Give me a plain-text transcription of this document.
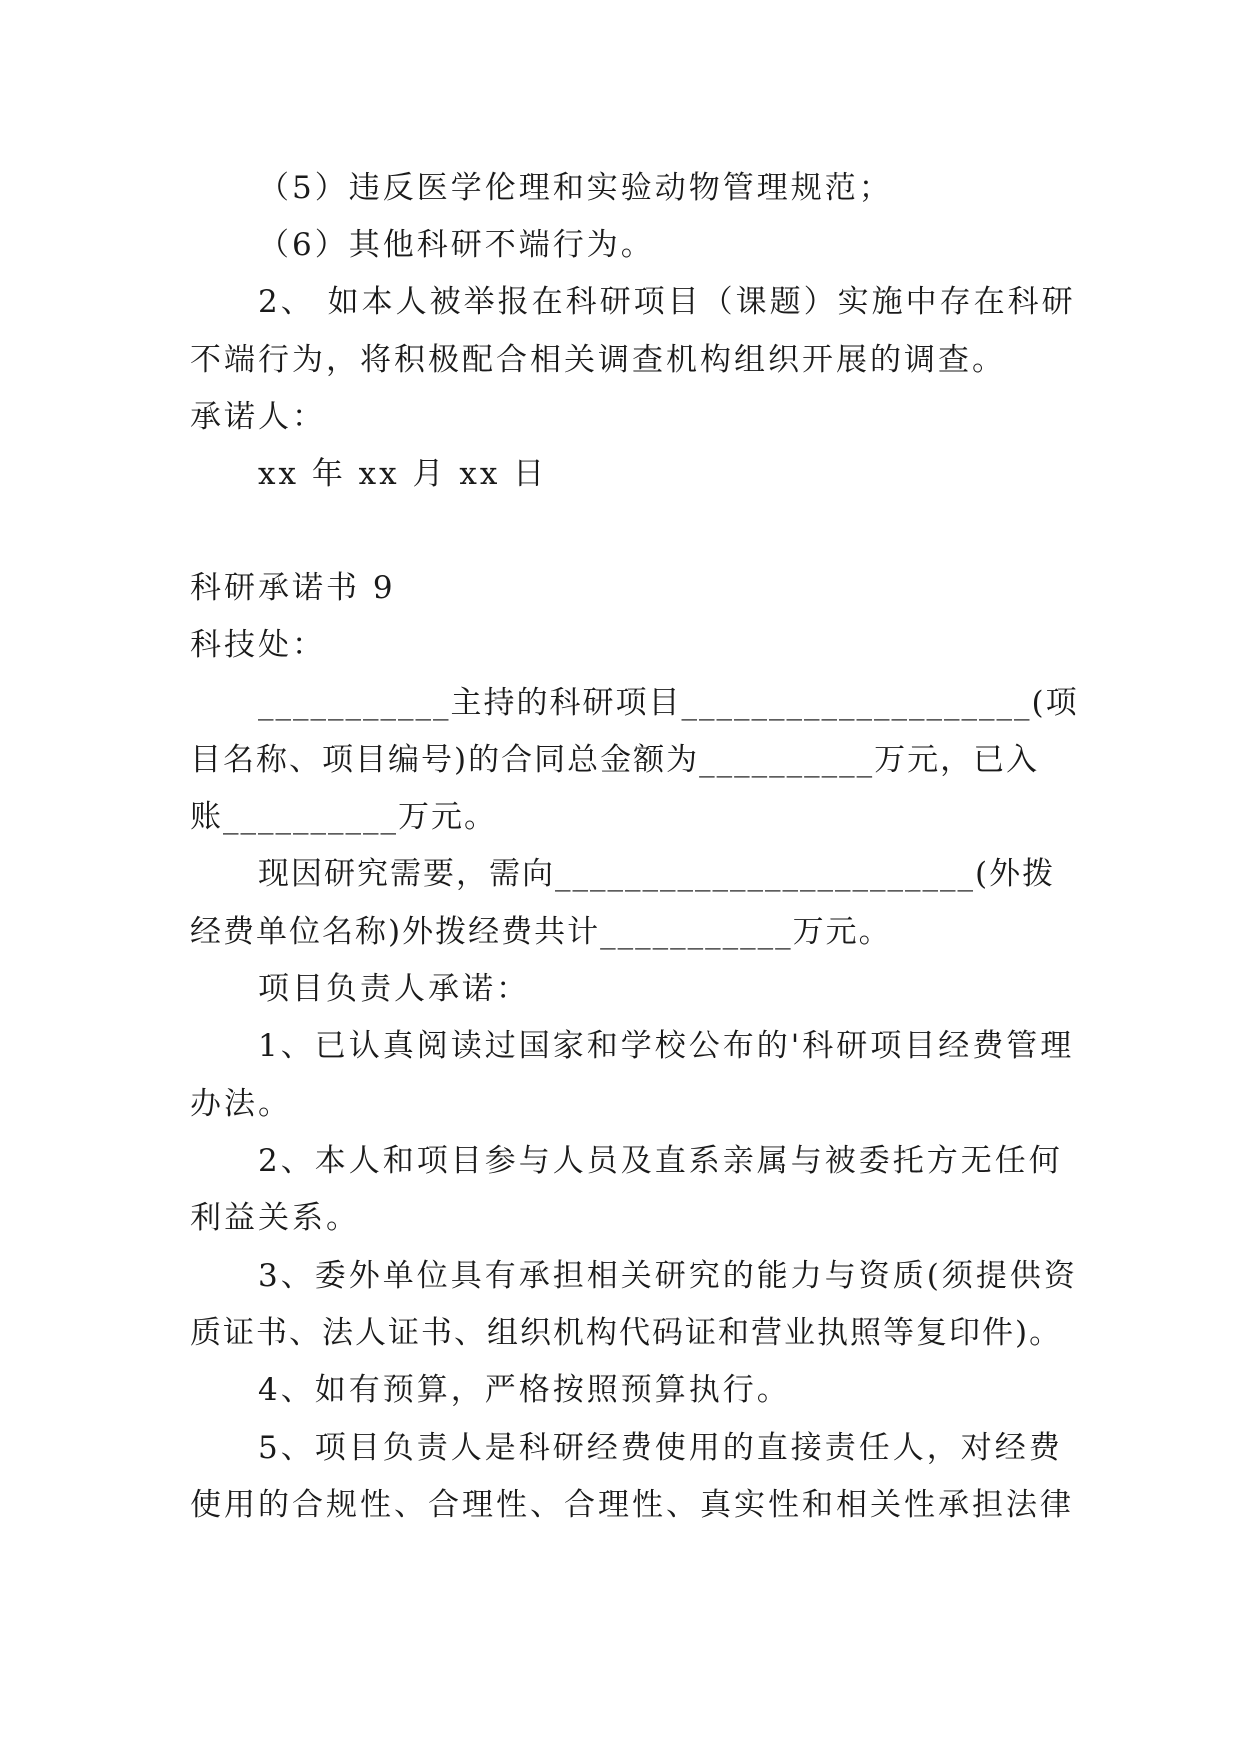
（5）违反医学伦理和实验动物管理规范；
（6）其他科研不端行为。
2、 如本人被举报在科研项目（课题）实施中存在科研
不端行为，将积极配合相关调查机构组织开展的调查。
承诺人：
xx 年 xx 月 xx 日
科研承诺书 9
科技处：
___________主持的科研项目____________________(项
目名称、项目编号)的合同总金额为__________万元，已入
账__________万元。
现因研究需要，需向________________________(外拨
经费单位名称)外拨经费共计___________万元。
项目负责人承诺：
1、已认真阅读过国家和学校公布的'科研项目经费管理
办法。
2、本人和项目参与人员及直系亲属与被委托方无任何
利益关系。
3、委外单位具有承担相关研究的能力与资质(须提供资
质证书、法人证书、组织机构代码证和营业执照等复印件)。
4、如有预算，严格按照预算执行。
5、项目负责人是科研经费使用的直接责任人，对经费
使用的合规性、合理性、合理性、真实性和相关性承担法律
